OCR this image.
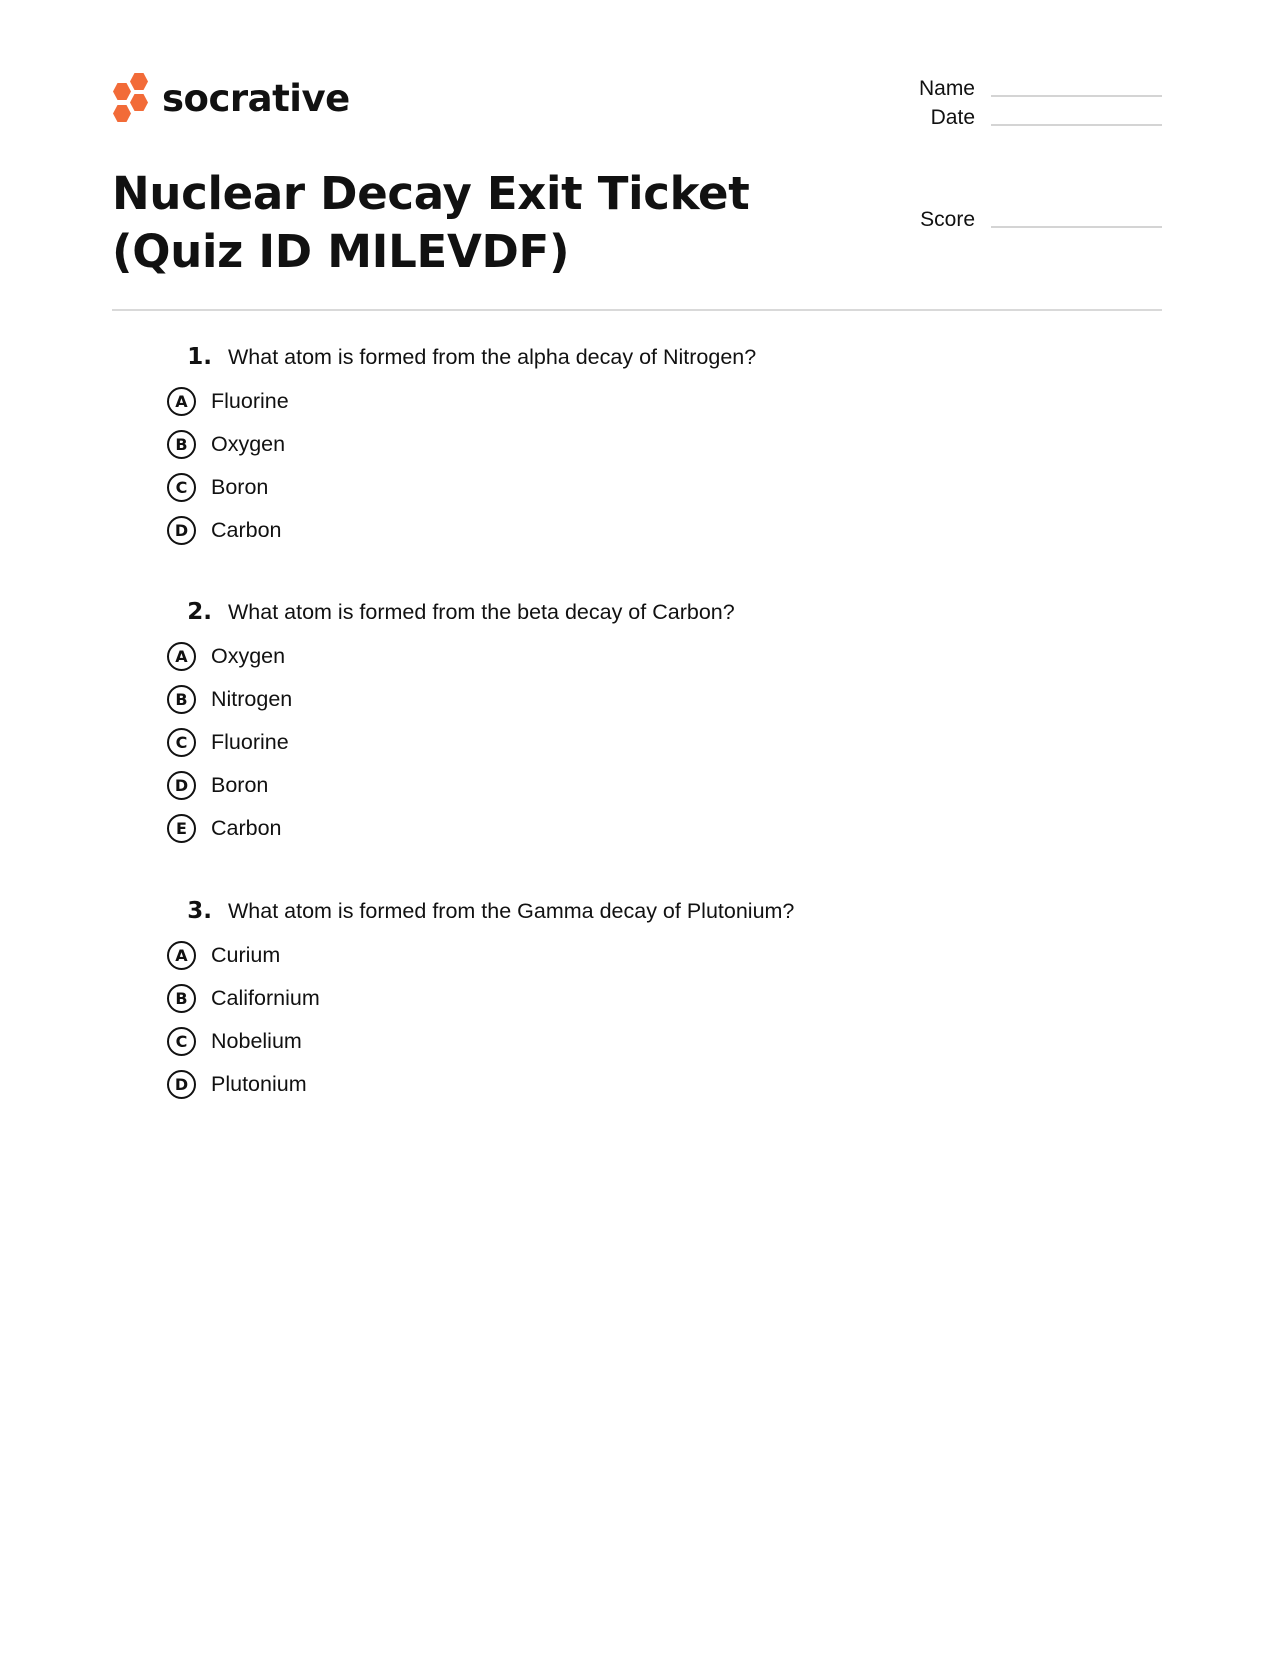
socrative
Nuclear Decay Exit Ticket (Quiz ID MILEVDF)
Name
Date
Score
1. What atom is formed from the alpha decay of Nitrogen?
A	Fluorine
B	Oxygen
C	Boron
D	Carbon
2. What atom is formed from the beta decay of Carbon?
A	Oxygen
B	Nitrogen
C	Fluorine
D	Boron
E	Carbon
3. What atom is formed from the Gamma decay of Plutonium?
A	Curium
B	Californium
C	Nobelium
D	Plutonium
